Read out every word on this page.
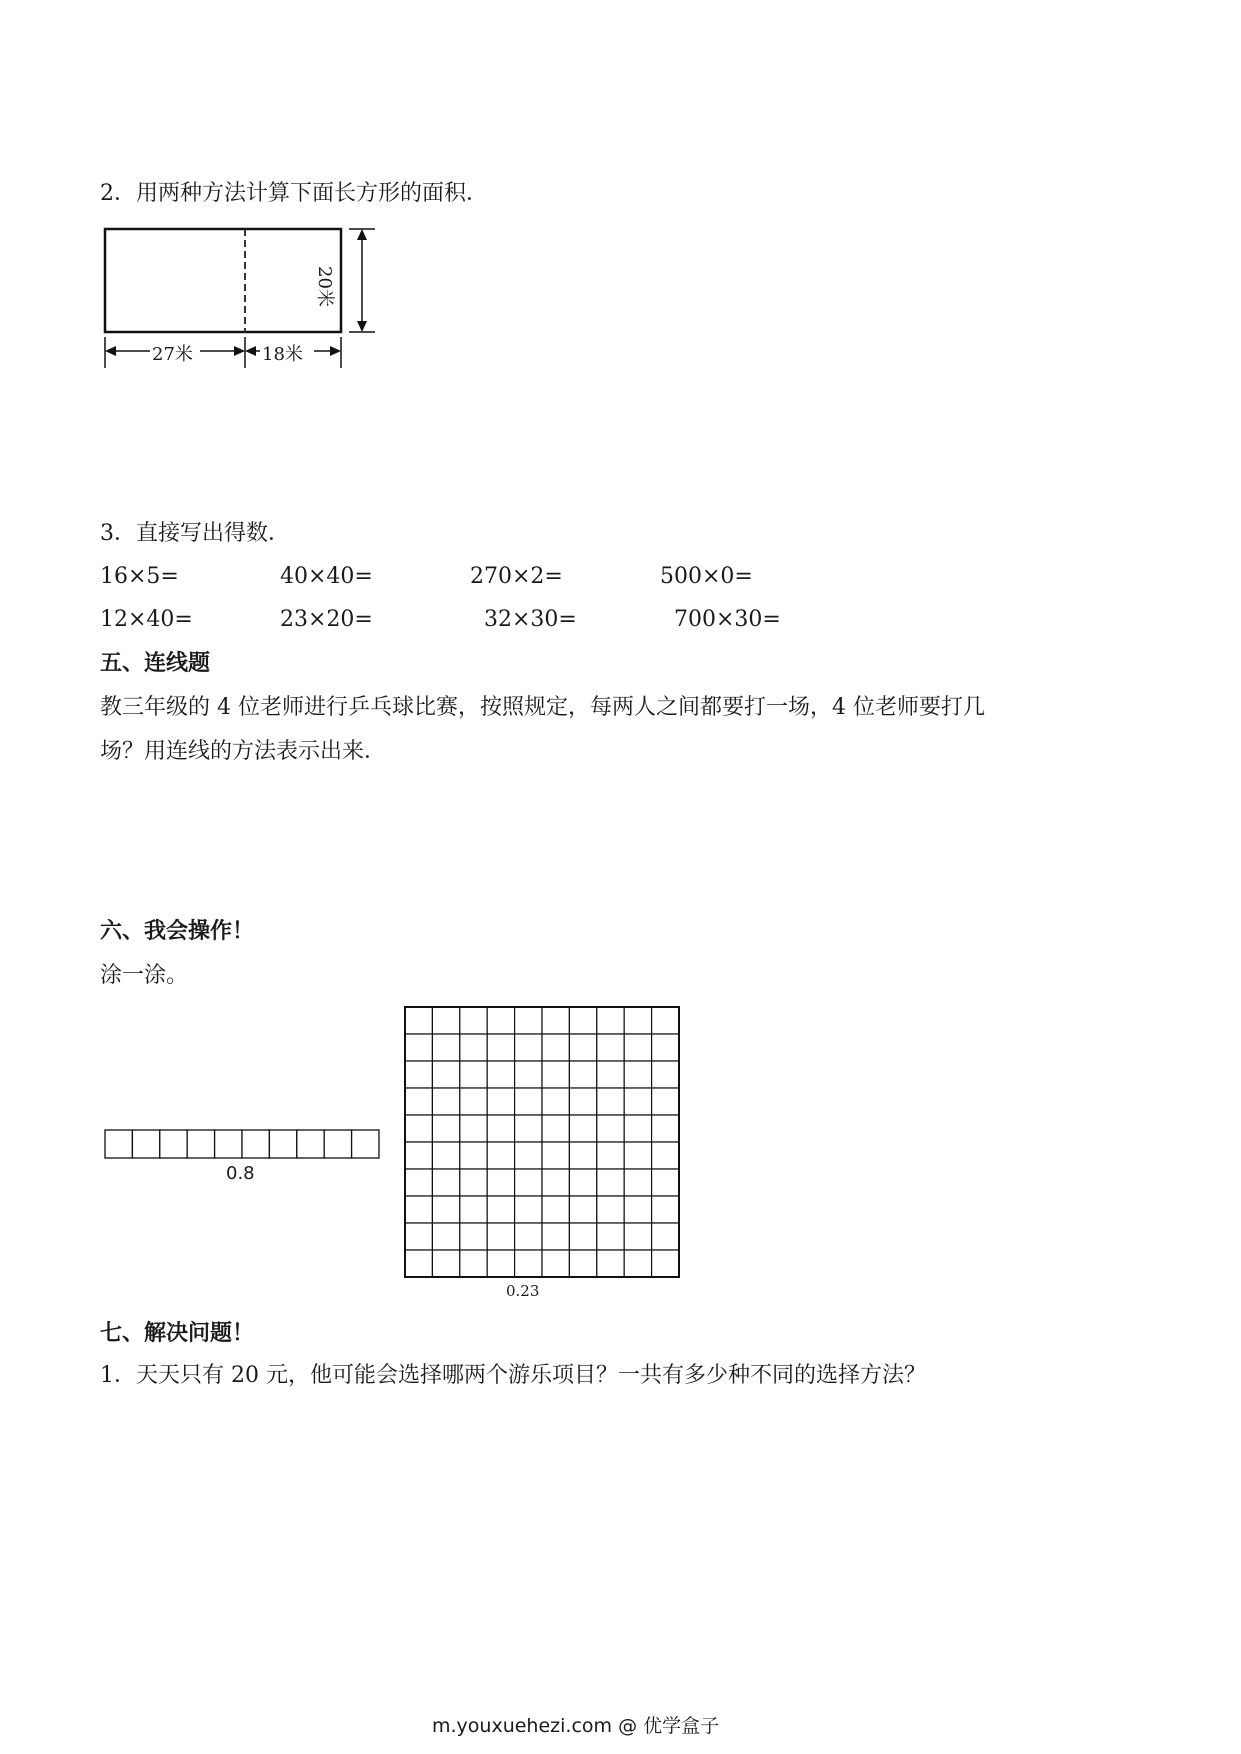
2．用两种方法计算下面长方形的面积．
27米	18米
20米
3．直接写出得数．
16×5=	40×40=	270×2=	500×0=
12×40=	23×20=	32×30=	700×30=
五、连线题
教三年级的 4 位老师进行乒乓球比赛，按照规定，每两人之间都要打一场，4 位老师要打几
场？用连线的方法表示出来．
六、我会操作！
涂一涂。
0.8
0.23
七、解决问题！
1．天天只有 20 元，他可能会选择哪两个游乐项目？一共有多少种不同的选择方法？
m.youxuehezi.com @ 优学盒子
